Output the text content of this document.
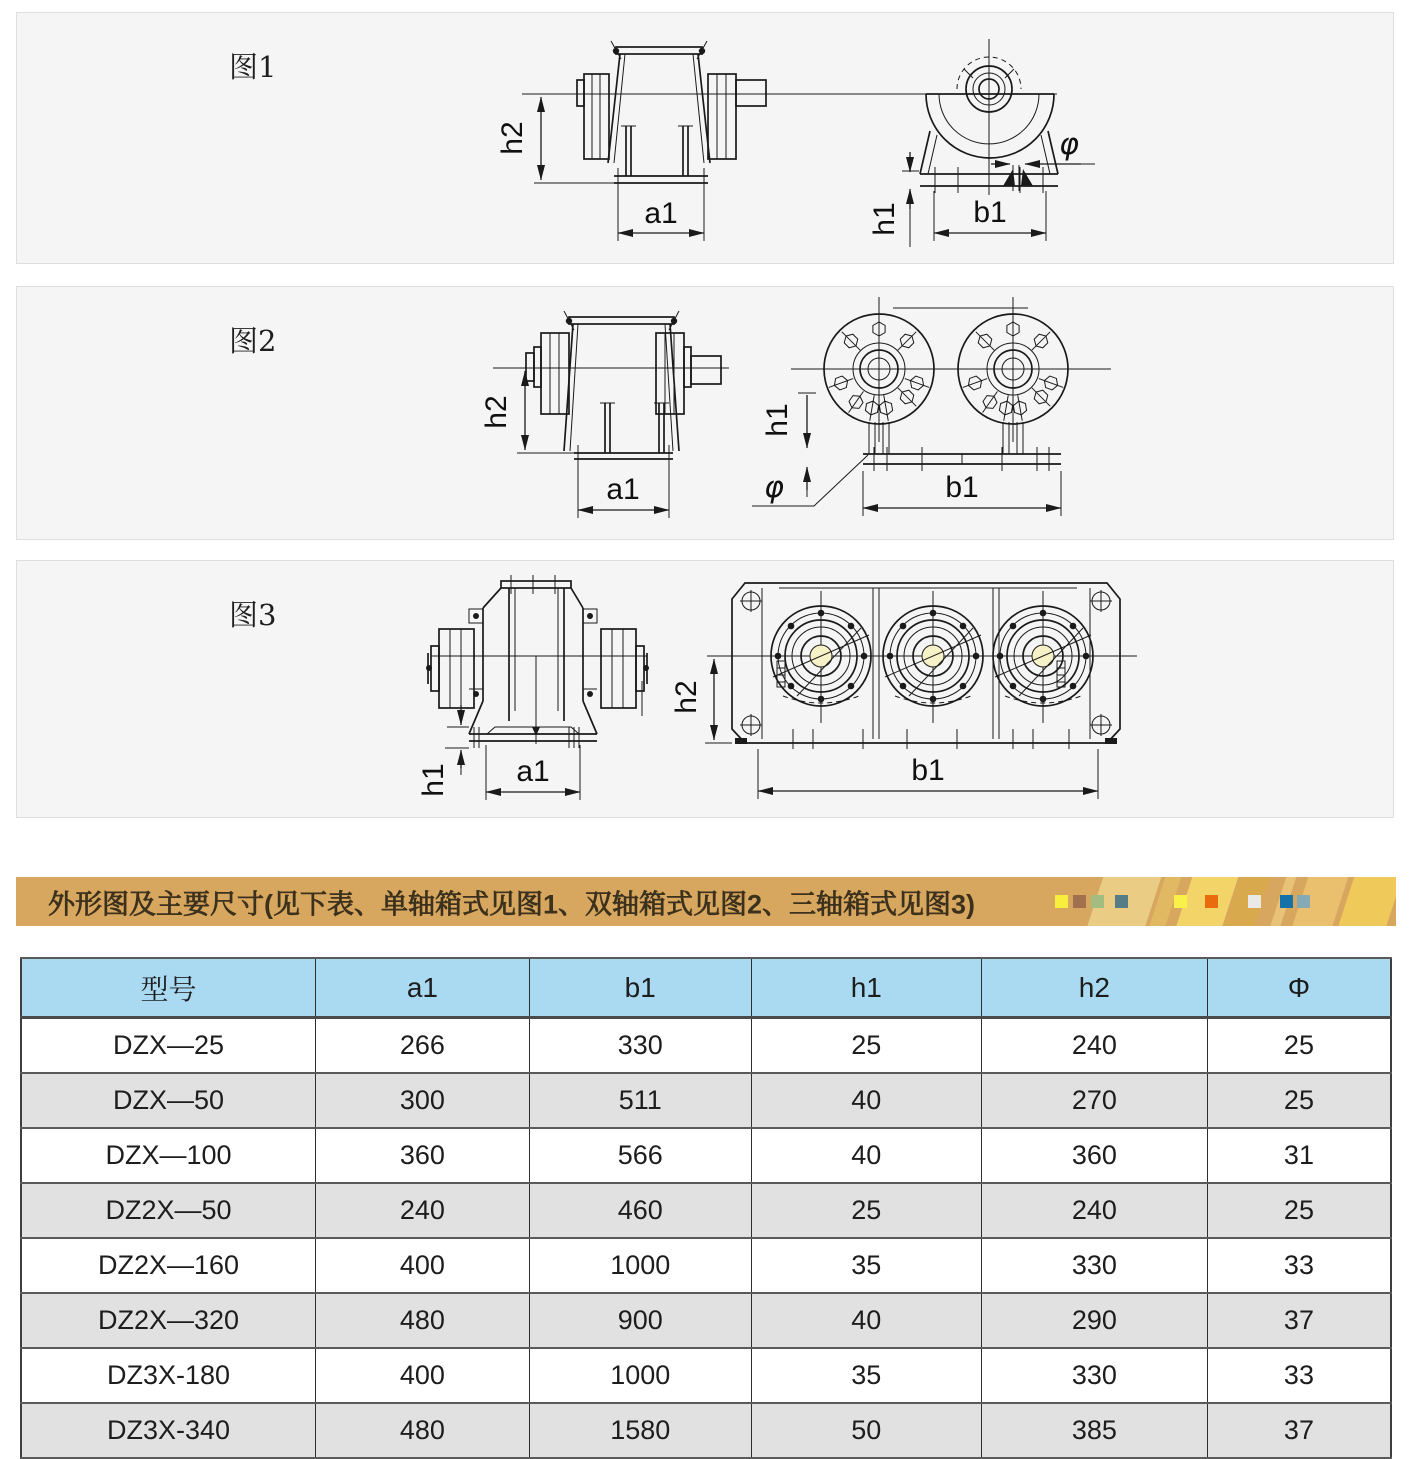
图1
h2
a1
φ
h1 b1
图2
h2
a1
h1
φ	b1
图3
h1 a1
h2
b1
外形图及主要尺寸(见下表、单轴箱式见图1、双轴箱式见图2、三轴箱式见图3)
型号	a1	b1	h1	h2	Φ
DZX—25	266	330	25	240	25
DZX—50	300	511	40	270	25
DZX—100	360	566	40	360	31
DZ2X—50	240	460	25	240	25
DZ2X—160	400	1000	35	330	33
DZ2X—320	480	900	40	290	37
DZ3X-180	400	1000	35	330	33
DZ3X-340	480	1580	50	385	37
